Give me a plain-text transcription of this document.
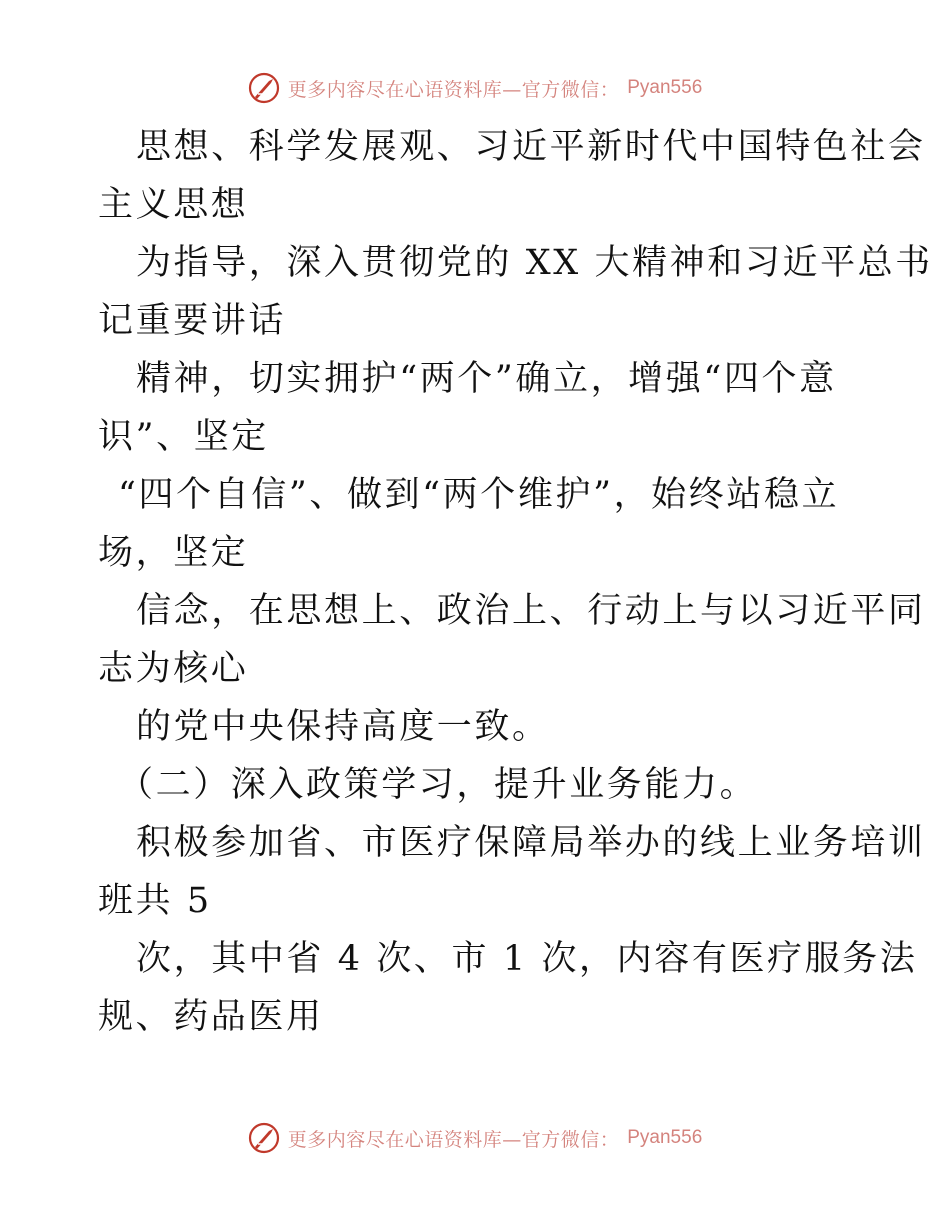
更多内容尽在心语资料库—官方微信： Pyan556
思想、科学发展观、习近平新时代中国特色社会
主义思想
为指导，深入贯彻党的 XX 大精神和习近平总书
记重要讲话
精神，切实拥护“两个”确立，增强“四个意
识”、坚定
“四个自信”、做到“两个维护”，始终站稳立
场，坚定
信念，在思想上、政治上、行动上与以习近平同
志为核心
的党中央保持高度一致。
（二）深入政策学习，提升业务能力。
积极参加省、市医疗保障局举办的线上业务培训
班共 5
次，其中省 4 次、市 1 次，内容有医疗服务法
规、药品医用
更多内容尽在心语资料库—官方微信： Pyan556
